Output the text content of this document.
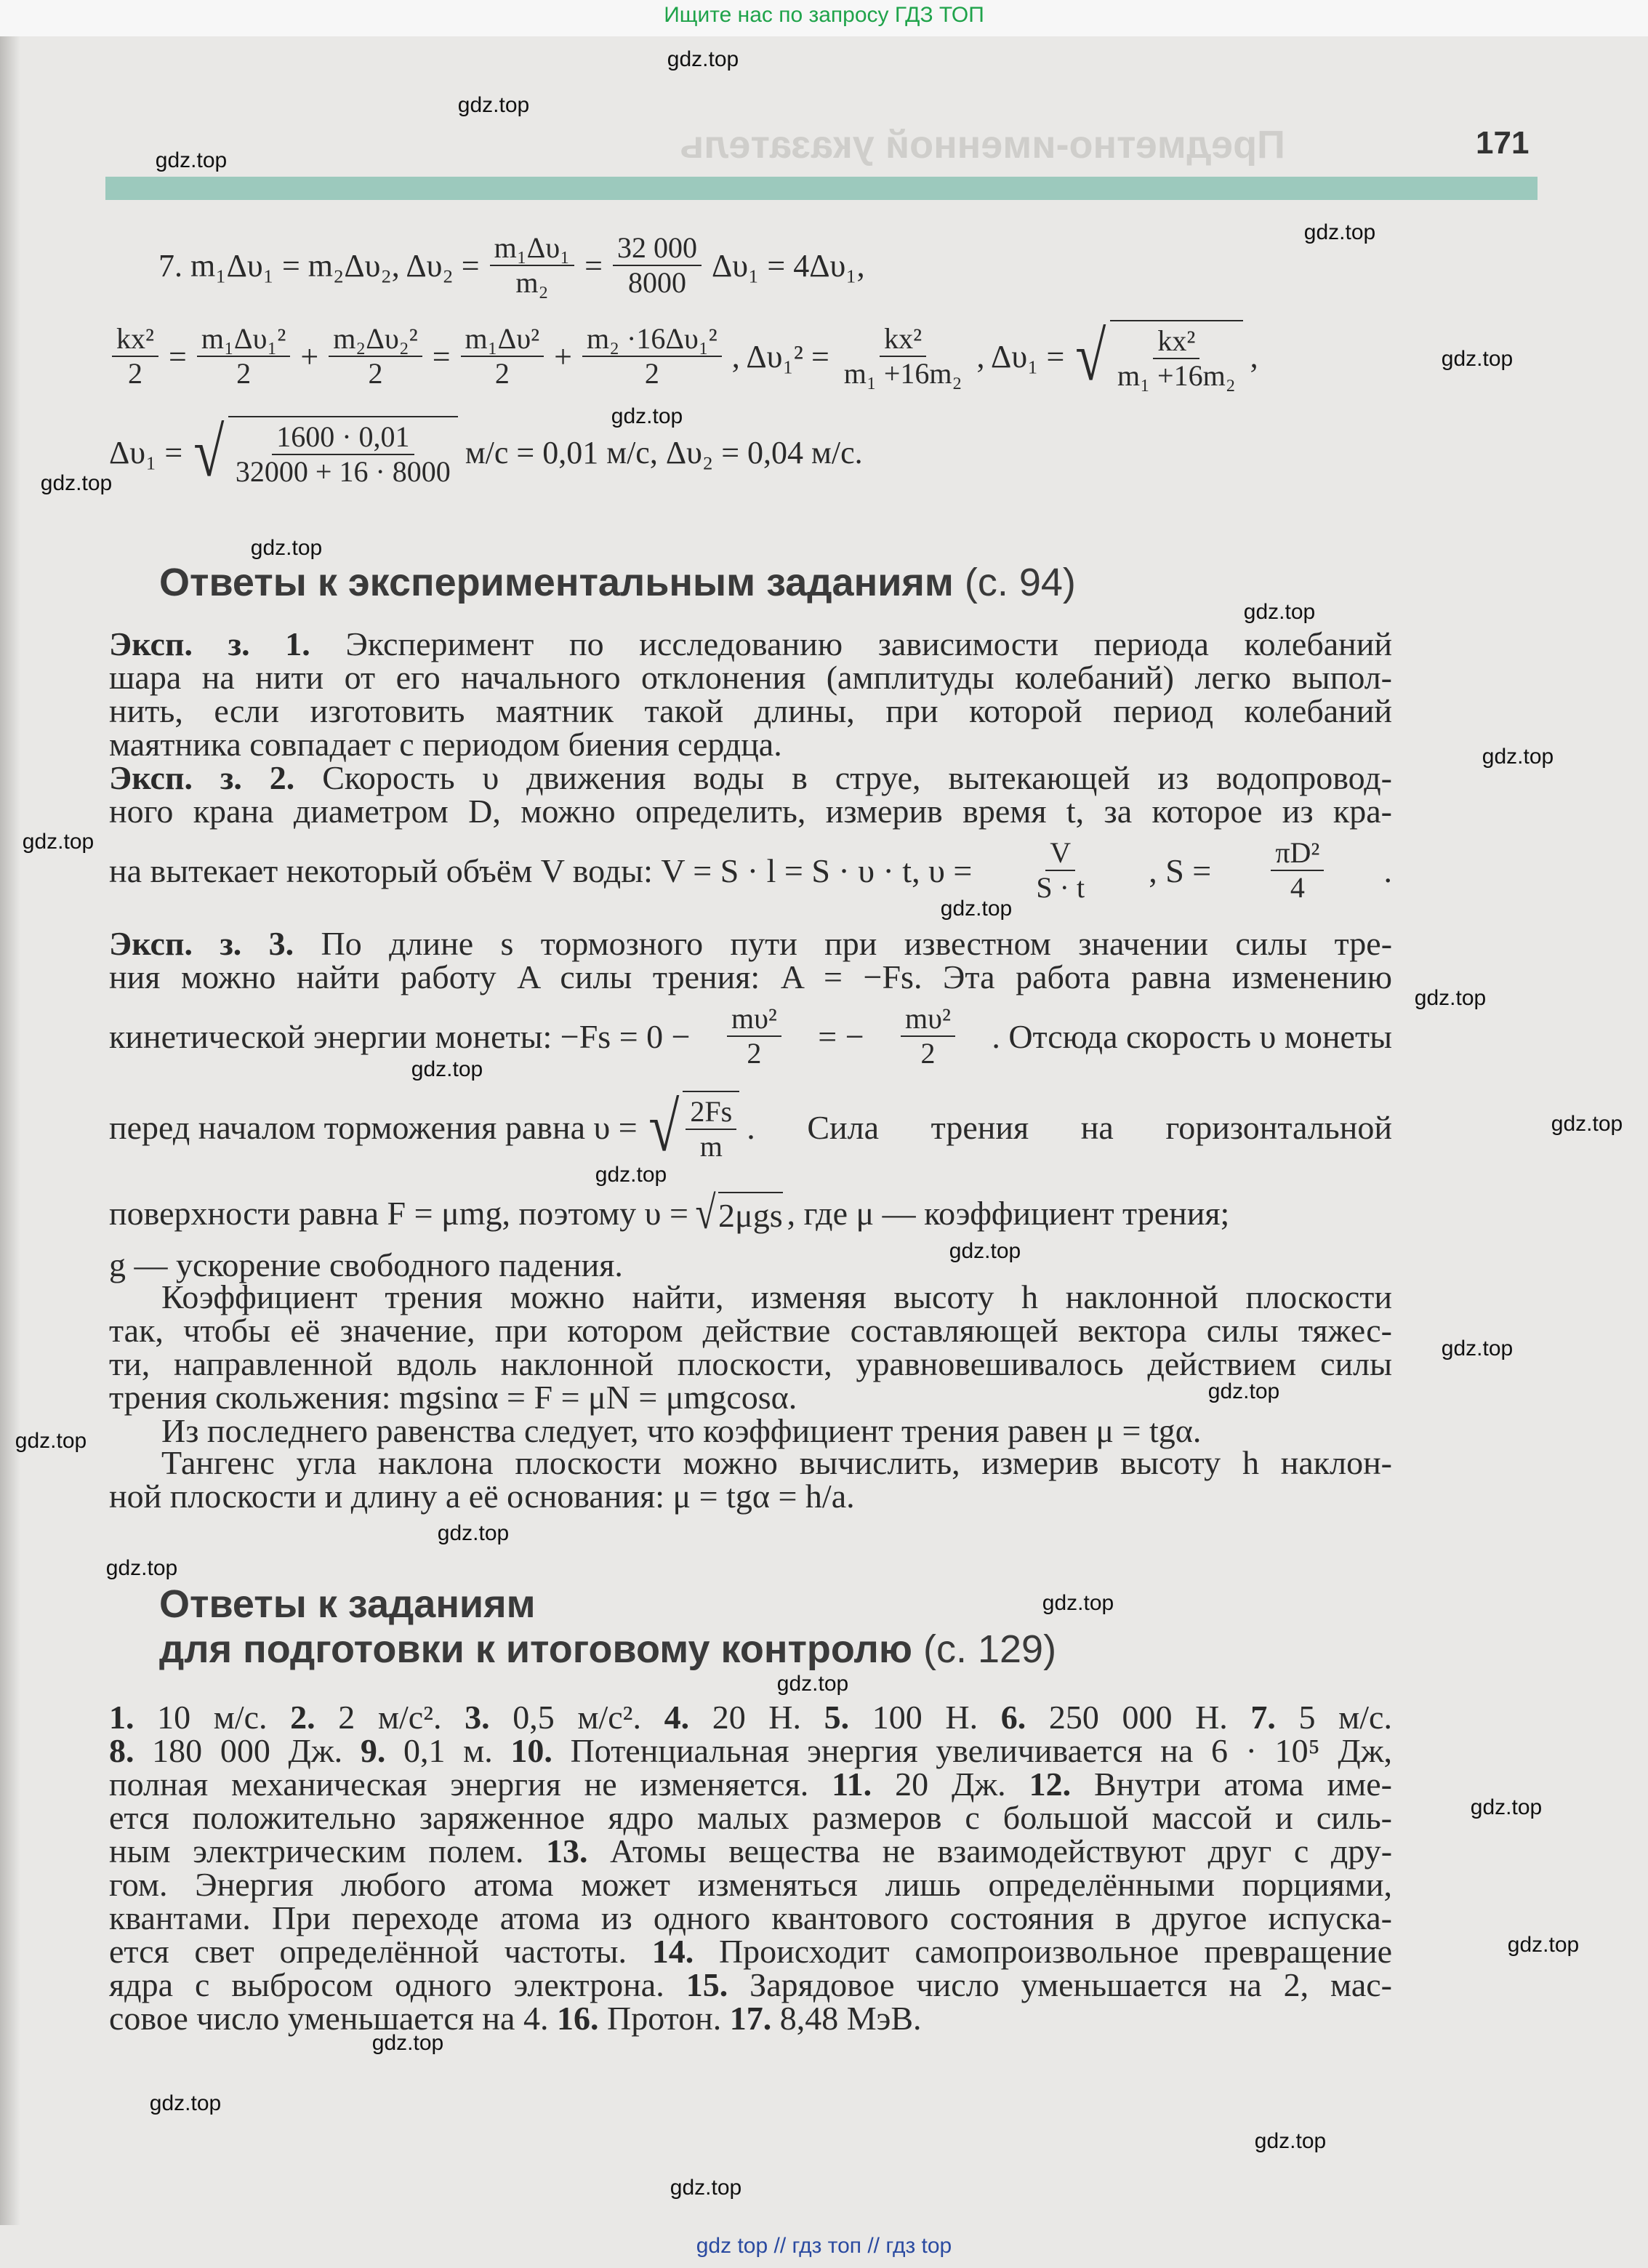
Ищите нас по запросу ГДЗ ТОП
Предметно-именной указатель	171
7. m₁Δυ₁ = m₂Δυ₂, $\Delta\upsilon_2 = \frac{\text{m₁Δυ₁}}{\text{m₂}} = \frac{32 000}{8000} \Delta\upsilon_1 = 4\Delta\upsilon_1$,
$\frac{\text{kx²}}{2} = \frac{\text{m₁Δυ₁²}}{2} + \frac{\text{m₂Δυ₂²}}{2} = \frac{\text{m₁Δυ²}}{2} + \frac{\text{m₂ ·16Δυ₁²}}{2}$ , $\Delta\upsilon_1^2 = \frac{\text{kx²}}{\text{m₁ +16m₂}}$ , Δυ₁ = √ $\frac{\text{kx²}}{\text{m₁ +16m₂}}$ ,
Δυ₁ = √ $\frac{1600 \cdot 0,01}{32000 + 16 \cdot 8000} м/с = 0,01$ м/с, Δυ₂ = 0,04 м/с.
Ответы к экспериментальным заданиям (с. 94)
Эксп. з. 1. Эксперимент по исследованию зависимости периода колебаний
шара на нити от его начального отклонения (амплитуды колебаний) легко выпол-
нить, если изготовить маятник такой длины, при которой период колебаний
маятника совпадает с периодом биения сердца.
Эксп. з. 2. Скорость υ движения воды в струе, вытекающей из водопровод-
ного крана диаметром D, можно определить, измерив время t, за которое из кра-
на вытекает некоторый объём V воды: V = S · l = S · υ · t, $\upsilon = \frac{V}{S \cdot t}$ , $S = \frac{\text{πD²}}{4}$ .
Эксп. з. 3. По длине s тормозного пути при известном значении силы тре-
ния можно найти работу A силы трения: A = −Fs. Эта работа равна изменению
кинетической энергии монеты: $-Fs = 0 - \frac{\text{mυ²}}{2}$ = − $\frac{\text{mυ²}}{2}$ . Отсюда скорость υ монеты
перед началом торможения равна υ = √ $\frac{2Fs}{m}$ . Сила трения на горизонтальной
поверхности равна F = μmg, поэтому υ = √ 2μgs , где μ — коэффициент трения;
g — ускорение свободного падения.
Коэффициент трения можно найти, изменяя высоту h наклонной плоскости
так, чтобы её значение, при котором действие составляющей вектора силы тяжес-
ти, направленной вдоль наклонной плоскости, уравновешивалось действием силы
трения скольжения: mgsinα = F = μN = μmgcosα.
Из последнего равенства следует, что коэффициент трения равен μ = tgα.
Тангенс угла наклона плоскости можно вычислить, измерив высоту h наклон-
ной плоскости и длину a её основания: μ = tgα = h/a.
Ответы к заданиям
для подготовки к итоговому контролю (с. 129)
1. 10 м/с. 2. 2 м/с². 3. 0,5 м/с². 4. 20 Н. 5. 100 Н. 6. 250 000 Н. 7. 5 м/с.
8. 180 000 Дж. 9. 0,1 м. 10. Потенциальная энергия увеличивается на 6 · 10⁵ Дж,
полная механическая энергия не изменяется. 11. 20 Дж. 12. Внутри атома име-
ется положительно заряженное ядро малых размеров с большой массой и силь-
ным электрическим полем. 13. Атомы вещества не взаимодействуют друг с дру-
гом. Энергия любого атома может изменяться лишь определёнными порциями,
квантами. При переходе атома из одного квантового состояния в другое испуска-
ется свет определённой частоты. 14. Происходит самопроизвольное превращение
ядра с выбросом одного электрона. 15. Зарядовое число уменьшается на 2, мас-
совое число уменьшается на 4. 16. Протон. 17. 8,48 МэВ.
gdz.top
gdz.top
gdz.top
gdz.top
gdz.top
gdz.top
gdz.top
gdz.top
gdz.top
gdz.top
gdz.top
gdz.top
gdz.top
gdz.top
gdz.top
gdz.top
gdz.top
gdz.top
gdz.top
gdz.top
gdz.top
gdz.top
gdz.top
gdz.top
gdz.top
gdz.top
gdz.top
gdz.top
gdz.top
gdz.top
gdz top // гдз топ // гдз top
